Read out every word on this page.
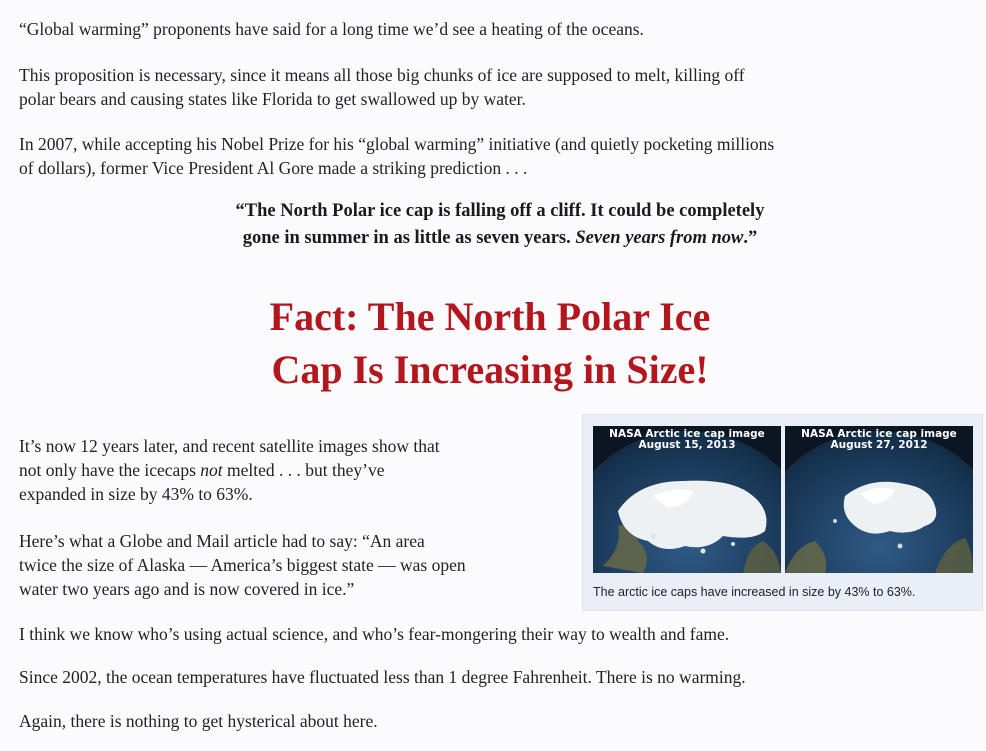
“Global warming” proponents have said for a long time we’d see a heating of the oceans.

This proposition is necessary, since it means all those big chunks of ice are supposed to melt, killing off
polar bears and causing states like Florida to get swallowed up by water.

In 2007, while accepting his Nobel Prize for his “global warming” initiative (and quietly pocketing millions
of dollars), former Vice President Al Gore made a striking prediction . . .

“The North Polar ice cap is falling off a cliff. It could be completely
gone in summer in as little as seven years. Seven years from now.”

Fact: The North Polar Ice
Cap Is Increasing in Size!

It’s now 12 years later, and recent satellite images show that
not only have the icecaps not melted . . . but they’ve
expanded in size by 43% to 63%.

Here’s what a Globe and Mail article had to say: “An area
twice the size of Alaska — America’s biggest state — was open
water two years ago and is now covered in ice.”

NASA Arctic ice cap image
August 15, 2013
NASA Arctic ice cap image
August 27, 2012
The arctic ice caps have increased in size by 43% to 63%.

I think we know who’s using actual science, and who’s fear-mongering their way to wealth and fame.

Since 2002, the ocean temperatures have fluctuated less than 1 degree Fahrenheit. There is no warming.

Again, there is nothing to get hysterical about here.
